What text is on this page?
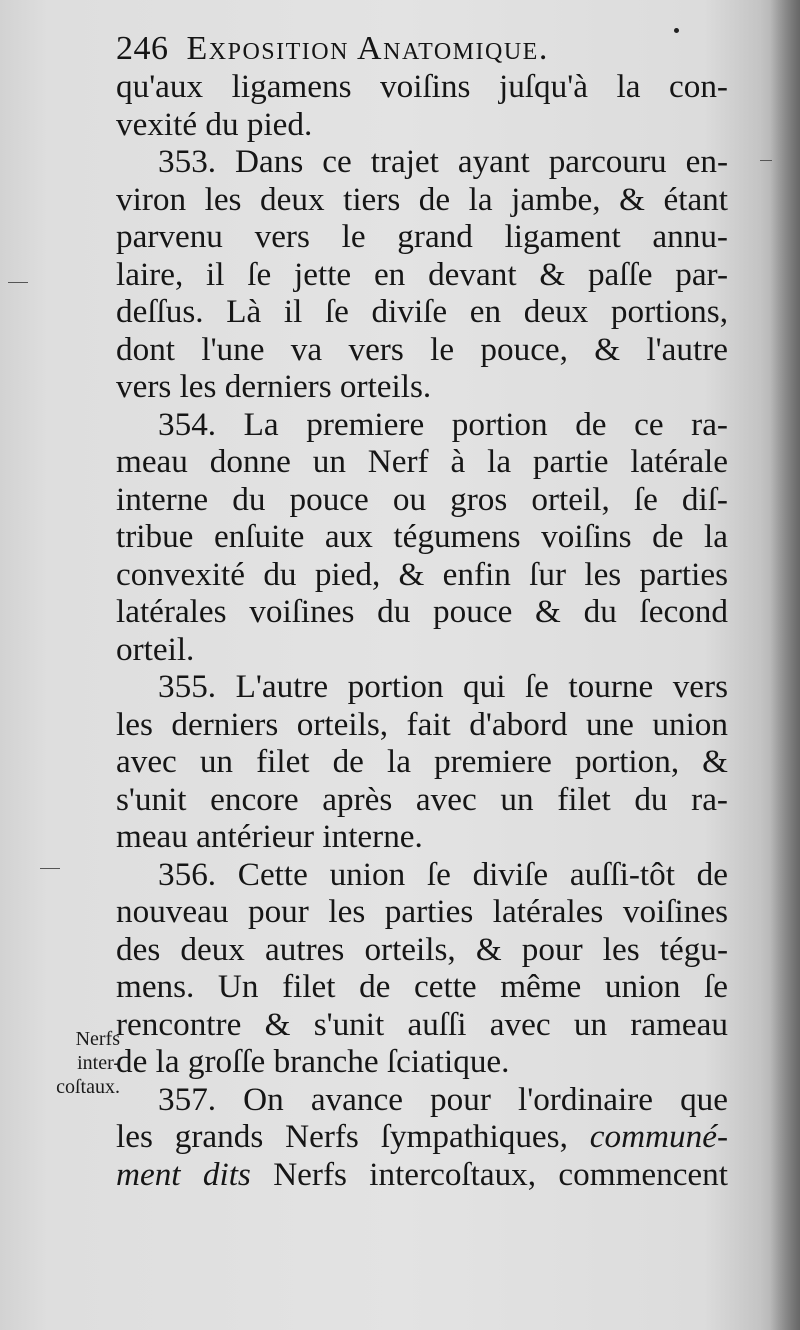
246 Exposition Anatomique.
qu'aux ligamens voiſins juſqu'à la con-
vexité du pied.
353. Dans ce trajet ayant parcouru en-
viron les deux tiers de la jambe, & étant
parvenu vers le grand ligament annu-
laire, il ſe jette en devant & paſſe par-
deſſus. Là il ſe diviſe en deux portions,
dont l'une va vers le pouce, & l'autre
vers les derniers orteils.
354. La premiere portion de ce ra-
meau donne un Nerf à la partie latérale
interne du pouce ou gros orteil, ſe diſ-
tribue enſuite aux tégumens voiſins de la
convexité du pied, & enfin ſur les parties
latérales voiſines du pouce & du ſecond
orteil.
355. L'autre portion qui ſe tourne vers
les derniers orteils, fait d'abord une union
avec un filet de la premiere portion, &
s'unit encore après avec un filet du ra-
meau antérieur interne.
356. Cette union ſe diviſe auſſi-tôt de
nouveau pour les parties latérales voiſines
des deux autres orteils, & pour les tégu-
mens. Un filet de cette même union ſe
rencontre & s'unit auſſi avec un rameau
de la groſſe branche ſciatique.
357. On avance pour l'ordinaire que
les grands Nerfs ſympathiques, communé-
ment dits Nerfs intercoſtaux, commencent
Nerfs
inter-
coſtaux.
